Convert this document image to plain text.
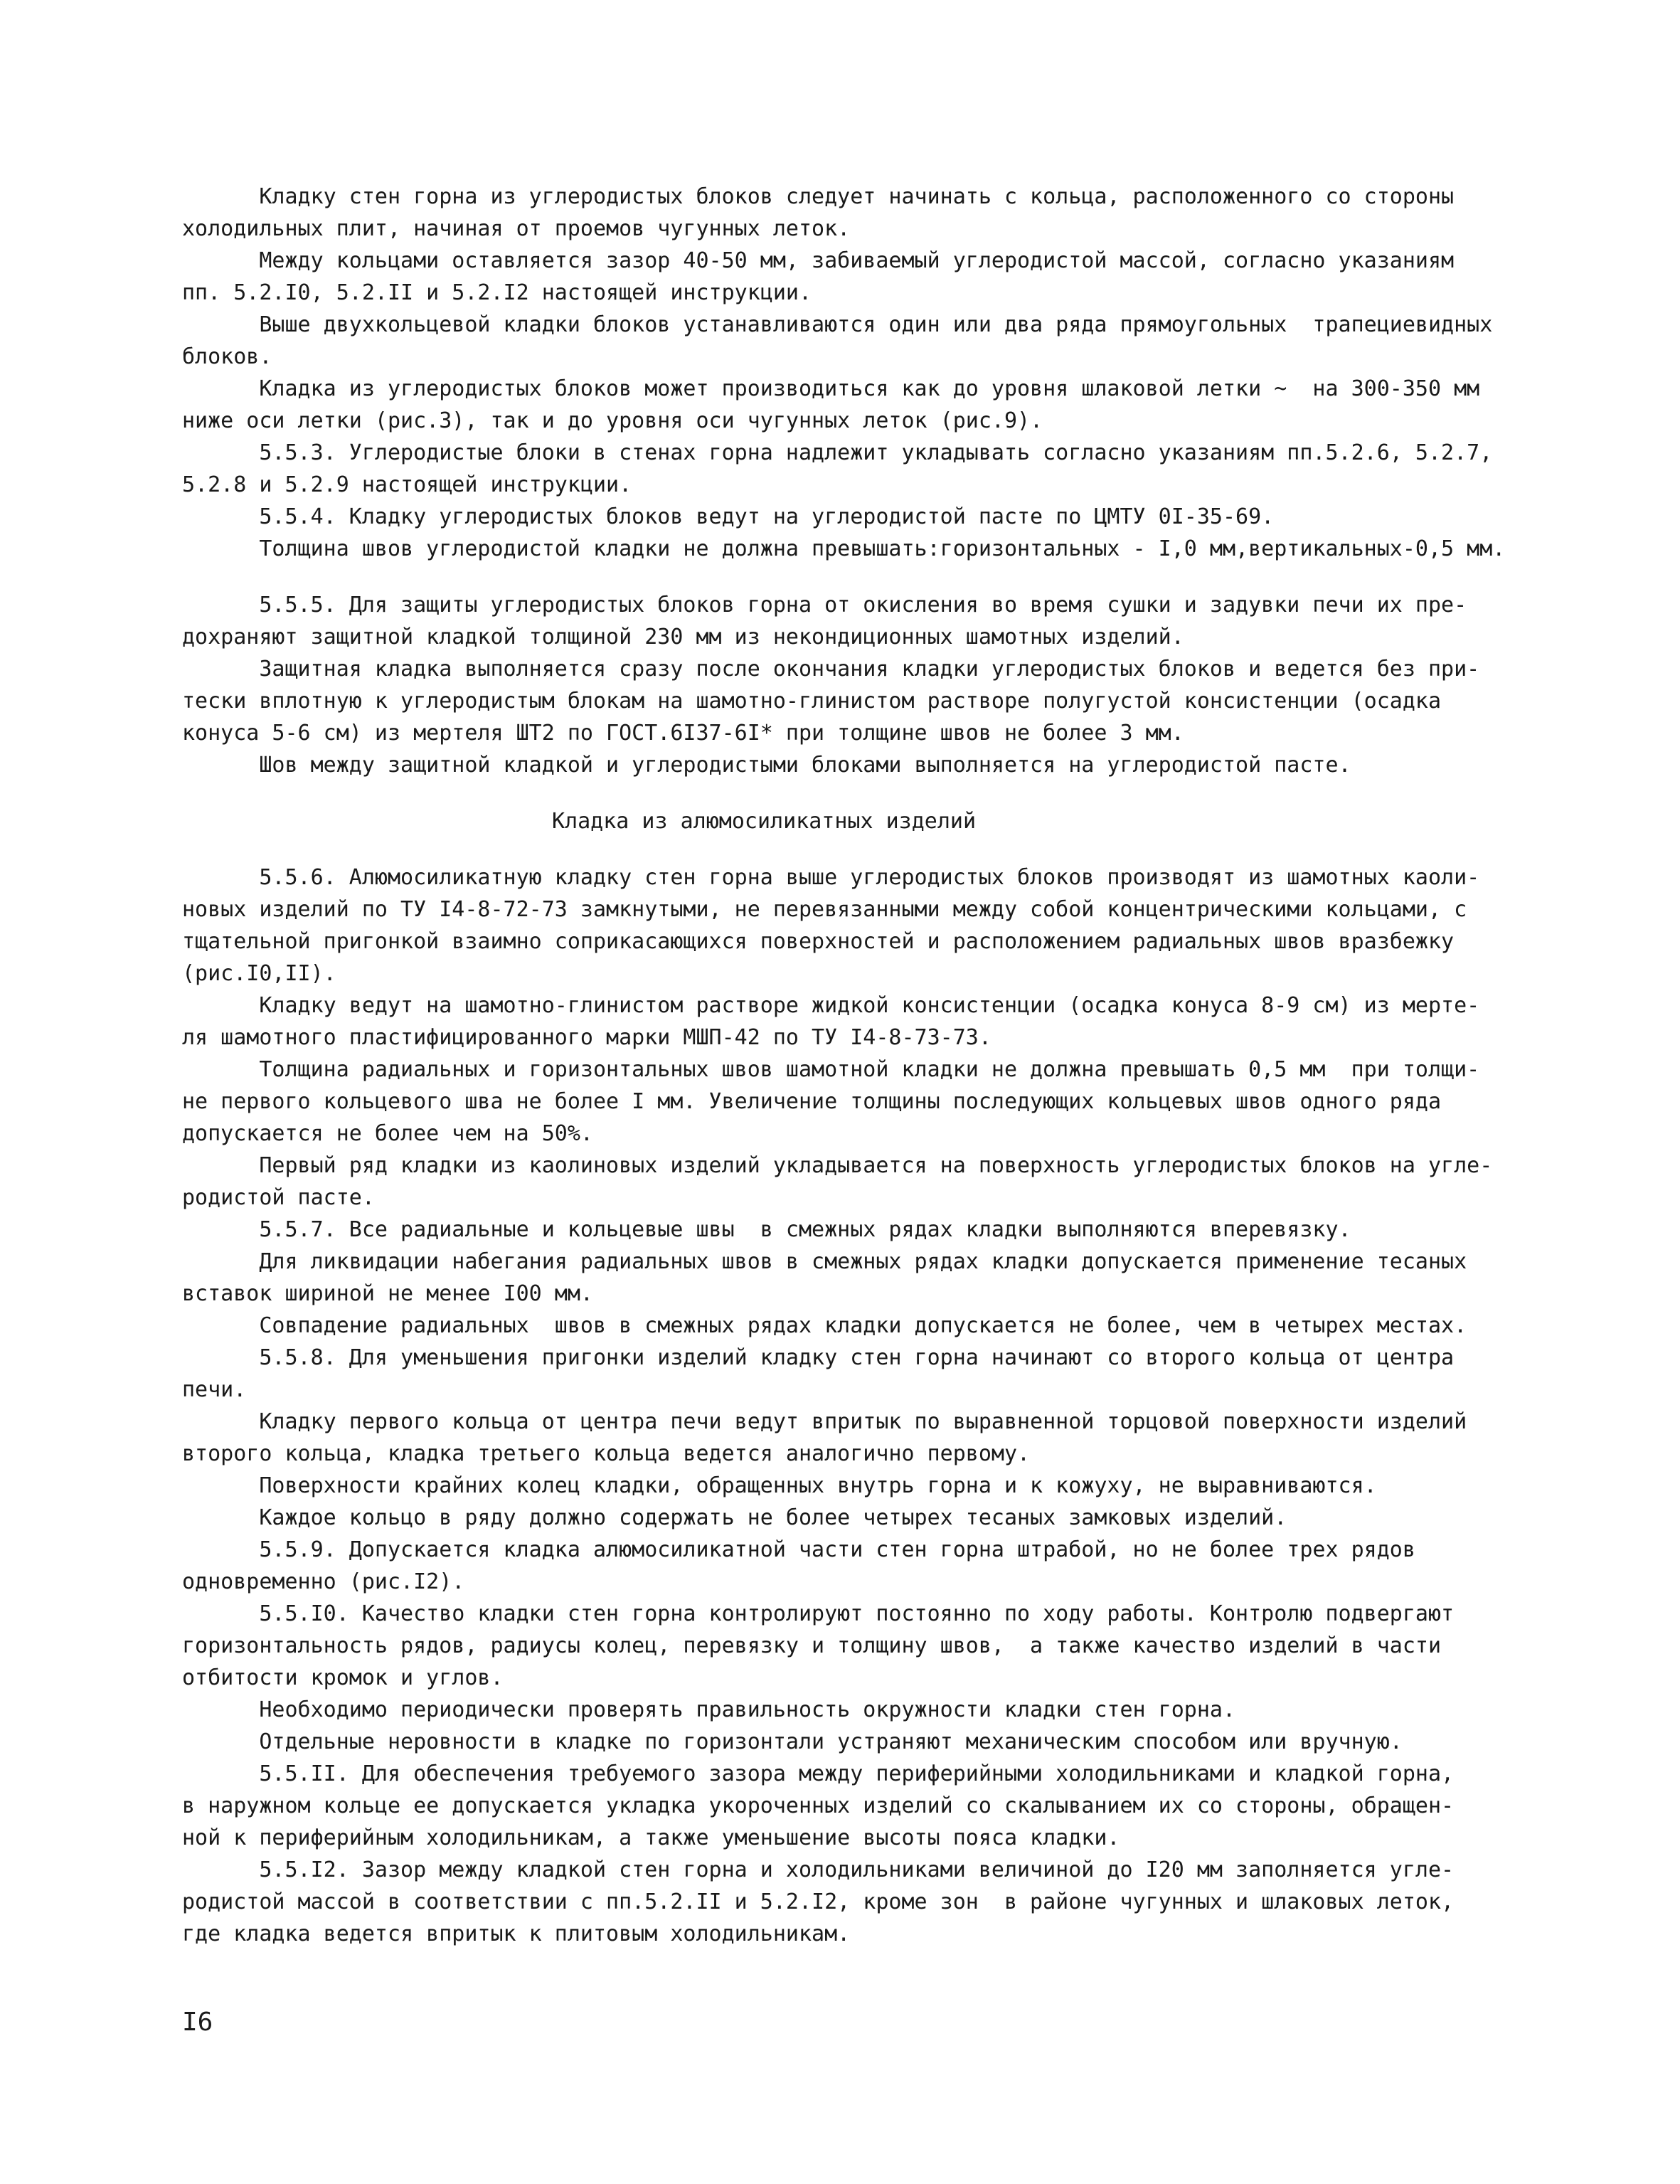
Кладку стен горна из углеродистых блоков следует начинать с кольца, расположенного со стороны
холодильных плит, начиная от проемов чугунных леток.
Между кольцами оставляется зазор 40-50 мм, забиваемый углеродистой массой, согласно указаниям
пп. 5.2.I0, 5.2.II и 5.2.I2 настоящей инструкции.
Выше двухкольцевой кладки блоков устанавливаются один или два ряда прямоугольных  трапециевидных
блоков.
Кладка из углеродистых блоков может производиться как до уровня шлаковой летки ~  на 300-350 мм
ниже оси летки (рис.3), так и до уровня оси чугунных леток (рис.9).
5.5.3. Углеродистые блоки в стенах горна надлежит укладывать согласно указаниям пп.5.2.6, 5.2.7,
5.2.8 и 5.2.9 настоящей инструкции.
5.5.4. Кладку углеродистых блоков ведут на углеродистой пасте по ЦМТУ 0I-35-69.
Толщина швов углеродистой кладки не должна превышать:горизонтальных - I,0 мм,вертикальных-0,5 мм.
5.5.5. Для защиты углеродистых блоков горна от окисления во время сушки и задувки печи их пре-
дохраняют защитной кладкой толщиной 230 мм из некондиционных шамотных изделий.
Защитная кладка выполняется сразу после окончания кладки углеродистых блоков и ведется без при-
тески вплотную к углеродистым блокам на шамотно-глинистом растворе полугустой консистенции (осадка
конуса 5-6 см) из мертеля ШТ2 по ГОСТ.6I37-6I* при толщине швов не более 3 мм.
Шов между защитной кладкой и углеродистыми блоками выполняется на углеродистой пасте.
Кладка из алюмосиликатных изделий
5.5.6. Алюмосиликатную кладку стен горна выше углеродистых блоков производят из шамотных каоли-
новых изделий по ТУ I4-8-72-73 замкнутыми, не перевязанными между собой концентрическими кольцами, с
тщательной пригонкой взаимно соприкасающихся поверхностей и расположением радиальных швов вразбежку
(рис.I0,II).
Кладку ведут на шамотно-глинистом растворе жидкой консистенции (осадка конуса 8-9 см) из мерте-
ля шамотного пластифицированного марки МШП-42 по ТУ I4-8-73-73.
Толщина радиальных и горизонтальных швов шамотной кладки не должна превышать 0,5 мм  при толщи-
не первого кольцевого шва не более I мм. Увеличение толщины последующих кольцевых швов одного ряда
допускается не более чем на 50%.
Первый ряд кладки из каолиновых изделий укладывается на поверхность углеродистых блоков на угле-
родистой пасте.
5.5.7. Все радиальные и кольцевые швы  в смежных рядах кладки выполняются вперевязку.
Для ликвидации набегания радиальных швов в смежных рядах кладки допускается применение тесаных
вставок шириной не менее I00 мм.
Совпадение радиальных  швов в смежных рядах кладки допускается не более, чем в четырех местах.
5.5.8. Для уменьшения пригонки изделий кладку стен горна начинают со второго кольца от центра
печи.
Кладку первого кольца от центра печи ведут впритык по выравненной торцовой поверхности изделий
второго кольца, кладка третьего кольца ведется аналогично первому.
Поверхности крайних колец кладки, обращенных внутрь горна и к кожуху, не выравниваются.
Каждое кольцо в ряду должно содержать не более четырех тесаных замковых изделий.
5.5.9. Допускается кладка алюмосиликатной части стен горна штрабой, но не более трех рядов
одновременно (рис.I2).
5.5.I0. Качество кладки стен горна контролируют постоянно по ходу работы. Контролю подвергают
горизонтальность рядов, радиусы колец, перевязку и толщину швов,  а также качество изделий в части
отбитости кромок и углов.
Необходимо периодически проверять правильность окружности кладки стен горна.
Отдельные неровности в кладке по горизонтали устраняют механическим способом или вручную.
5.5.II. Для обеспечения требуемого зазора между периферийными холодильниками и кладкой горна,
в наружном кольце ее допускается укладка укороченных изделий со скалыванием их со стороны, обращен-
ной к периферийным холодильникам, а также уменьшение высоты пояса кладки.
5.5.I2. Зазор между кладкой стен горна и холодильниками величиной до I20 мм заполняется угле-
родистой массой в соответствии с пп.5.2.II и 5.2.I2, кроме зон  в районе чугунных и шлаковых леток,
где кладка ведется впритык к плитовым холодильникам.
I6
